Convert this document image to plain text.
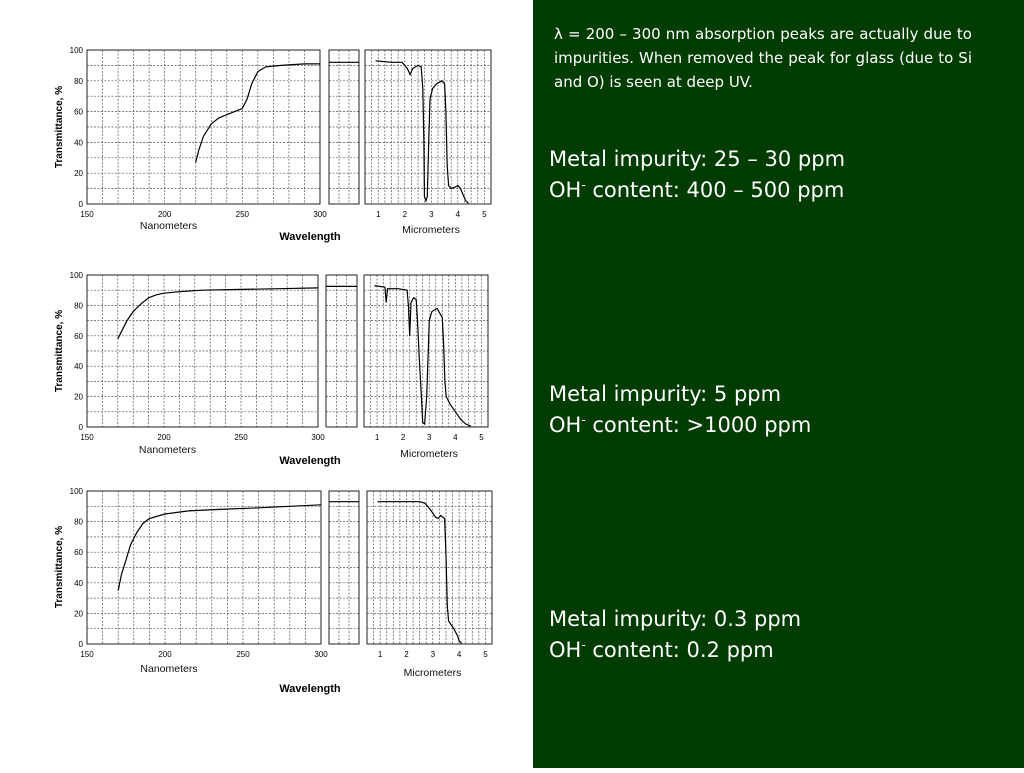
0
20
40
60
80
100
150	200	250	300	1	2	3	4	5
Nanometers	Micrometers
Wavelength
Transmittance, %
0
20
40
60
80
100
150	200	250	300	1	2	3	4	5
Nanometers	Micrometers
Wavelength
Transmittance, %
0
20
40
60
80
100
150	200	250	300	1	2	3	4	5
Nanometers	Micrometers
Wavelength
Transmittance, %

λ = 200 – 300 nm absorption peaks are actually due to impurities. When removed the peak for glass (due to Si and O) is seen at deep UV.

Metal impurity: 25 – 30 ppm
OH- content: 400 – 500 ppm
Metal impurity: 5 ppm
OH- content: >1000 ppm
Metal impurity: 0.3 ppm
OH- content: 0.2 ppm
